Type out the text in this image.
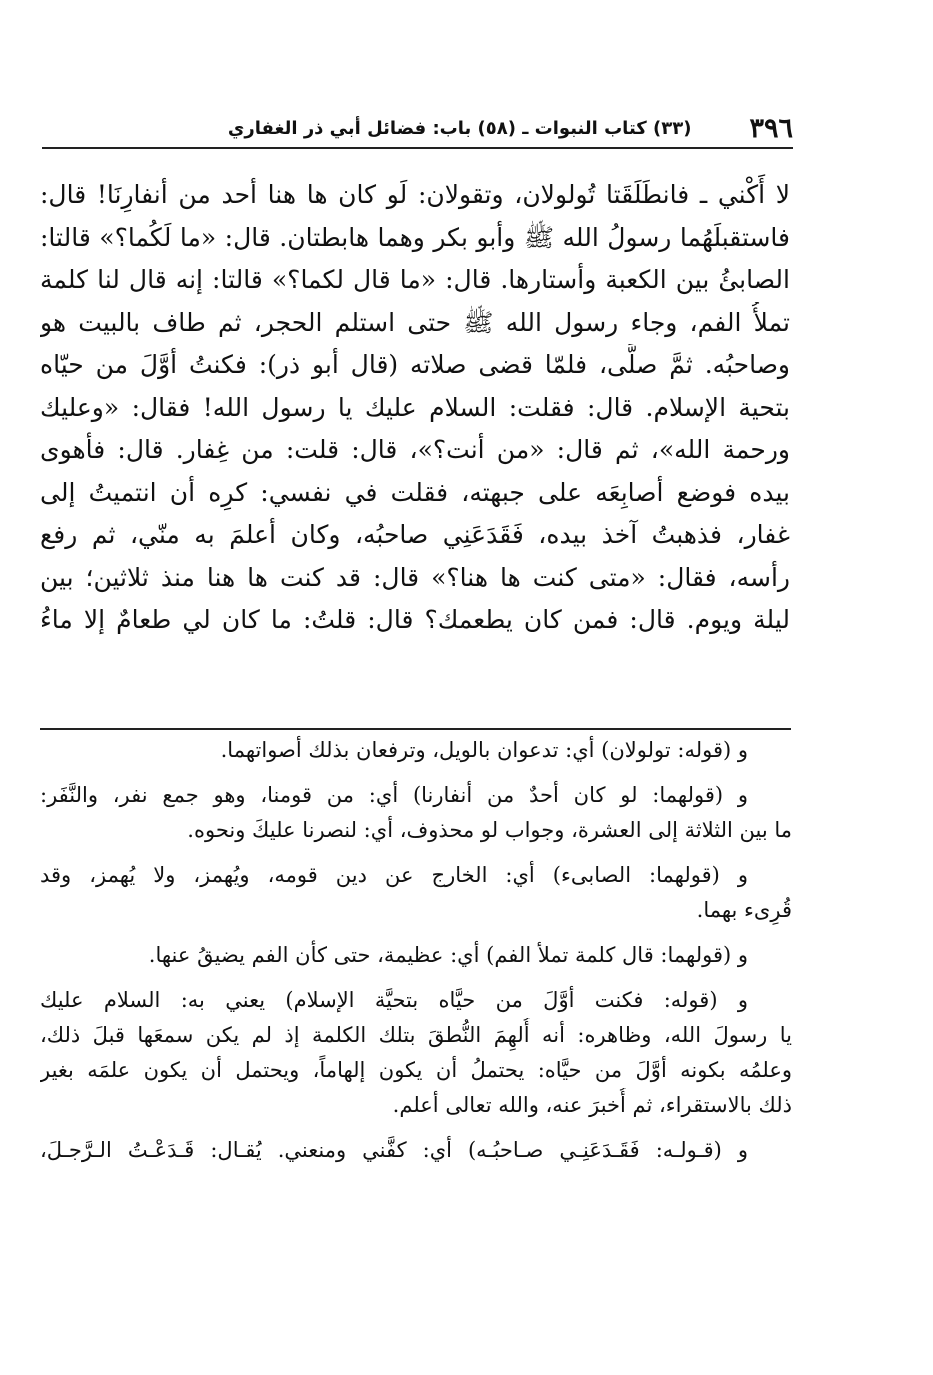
٣٩٦
(٣٣) كتاب النبوات ـ (٥٨) باب: فضائل أبي ذر الغفاري
لا أَكْني ـ فانطَلَقَتا تُولولان، وتقولان: لَو كان ها هنا أحد من أنفارِنَا! قال:
فاستقبلَهُما رسولُ الله ﷺ وأبو بكر وهما هابطتان. قال: «ما لَكُما؟» قالتا:
الصابئُ بين الكعبة وأستارها. قال: «ما قال لكما؟» قالتا: إنه قال لنا كلمة
تملأُ الفم، وجاء رسول الله ﷺ حتى استلم الحجر، ثم طاف بالبيت هو
وصاحبُه. ثمَّ صلَّى، فلمّا قضى صلاته (قال أبو ذر): فكنتُ أوَّلَ من حيّاه
بتحية الإسلام. قال: فقلت: السلام عليك يا رسول الله! فقال: «وعليك
ورحمة الله»، ثم قال: «من أنت؟»، قال: قلت: من غِفار. قال: فأهوى
بيده فوضع أصابِعَه على جبهته، فقلت في نفسي: كرِه أن انتميتُ إلى
غفار، فذهبتُ آخذ بيده، فَقَدَعَنِي صاحبُه، وكان أعلمَ به منّي، ثم رفع
رأسه، فقال: «متى كنت ها هنا؟» قال: قد كنت ها هنا منذ ثلاثين؛ بين
ليلة ويوم. قال: فمن كان يطعمك؟ قال: قلتُ: ما كان لي طعامٌ إلا ماءُ
و (قوله: تولولان) أي: تدعوان بالويل، وترفعان بذلك أصواتهما.
و (قولهما: لو كان أحدٌ من أنفارنا) أي: من قومنا، وهو جمع نفر، والنَّفَر:
ما بين الثلاثة إلى العشرة، وجواب لو محذوف، أي: لنصرنا عليكَ ونحوه.
و (قولهما: الصابىء) أي: الخارج عن دين قومه، ويُهمز، ولا يُهمز، وقد
قُرِىء بهما.
و (قولهما: قال كلمة تملأ الفم) أي: عظيمة، حتى كأن الفم يضيقُ عنها.
و (قوله: فكنت أوَّلَ من حيَّاه بتحيَّة الإسلام) يعني به: السلام عليك
يا رسولَ الله، وظاهره: أنه أُلهِمَ النُّطقَ بتلك الكلمة إذ لم يكن سمعَها قبلَ ذلك،
وعلمُه بكونه أوَّلَ من حيَّاه: يحتملُ أن يكون إلهاماً، ويحتمل أن يكون علمَه بغير
ذلك بالاستقراء، ثم أُخبرَ عنه، والله تعالى أعلم.
و (قـولـه: فَقَـدَعَنِـي صـاحبُـه) أي: كفَّني ومنعني. يُقـال: قَـدَعْـتُ الـرَّجـلَ،
